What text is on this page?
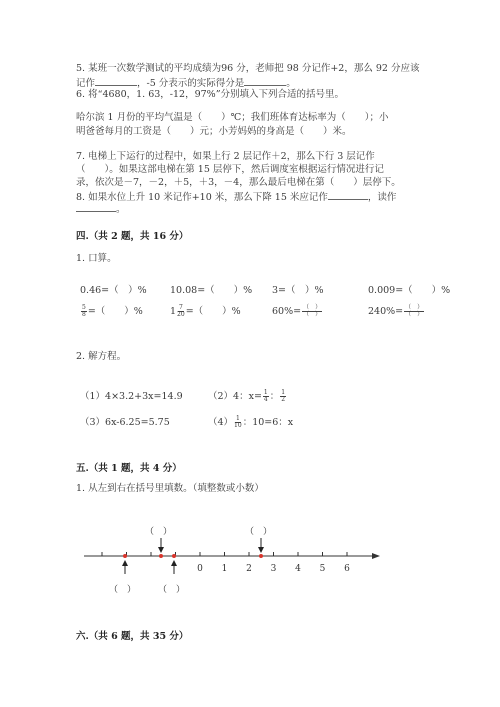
5. 某班一次数学测试的平均成绩为96 分，老师把 98 分记作+2，那么 92 分应该
记作	，-5 分表示的实际得分是	。
6. 将“4680，1. 63，-12，97%”分别填入下列合适的括号里。
哈尔滨 1 月份的平均气温是（　　）℃；我们班体育达标率为（　　）；小
明爸爸每月的工资是（　　）元；小芳妈妈的身高是（　　）米。
7. 电梯上下运行的过程中，如果上行 2 层记作＋2，那么下行 3 层记作
（　　）。如果这部电梯在第 15 层停下，然后调度室根据运行情况进行记
录，依次是－7，－2，＋5，＋3，－4，那么最后电梯在第（　　）层停下。
8. 如果水位上升 10 米记作+10 米，那么下降 15 米应记作	，读作
。
四.（共 2 题，共 16 分）
1. 口算。
0.46=（　）% 10.08=（　　）% 3=（　）%	0.009=（　　）%
$\frac{5}{8}$ =（　　）%	$1 \frac{7}{20}$ =（　　）%	$60\%= \frac{( )}{( )}$	$240\%= \frac{( )}{( )}$
2. 解方程。
（1）4×3.2+3x=14.9	（2）4：$x= \frac{1}{4}$ ： $\frac{1}{2}$
（3）6x-6.25=5.75	$(4) \frac{1}{10}$ ：10=6：x
五.（共 1 题，共 4 分）
1. 从左到右在括号里填数。（填整数或小数）
0 1 2 3 4 5 6
（　）	（　）
（　） （　）
六.（共 6 题，共 35 分）
